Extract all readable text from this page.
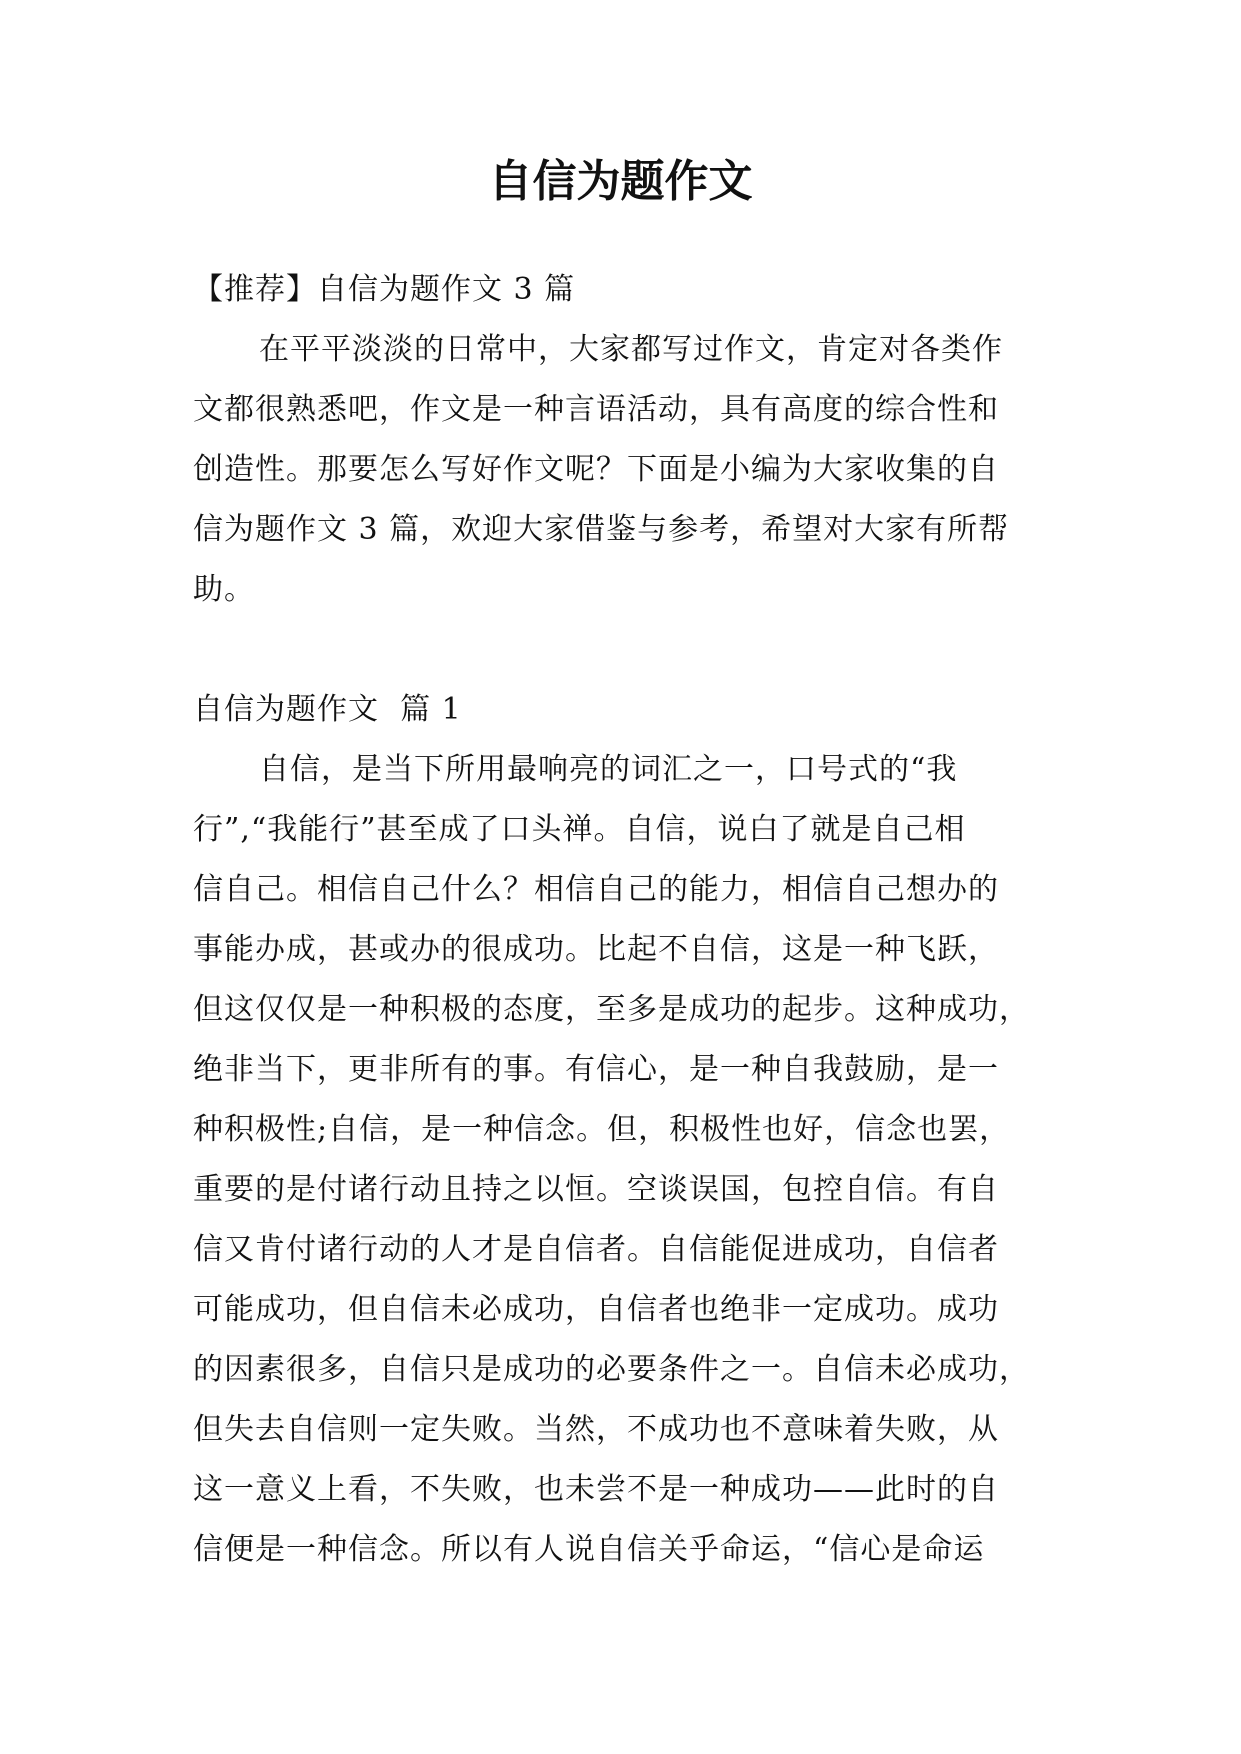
自信为题作文
【推荐】自信为题作文 3 篇
在平平淡淡的日常中，大家都写过作文，肯定对各类作
文都很熟悉吧，作文是一种言语活动，具有高度的综合性和
创造性。那要怎么写好作文呢？下面是小编为大家收集的自
信为题作文 3 篇，欢迎大家借鉴与参考，希望对大家有所帮
助。
自信为题作文  篇 1
自信，是当下所用最响亮的词汇之一，口号式的“我
行”,“我能行”甚至成了口头禅。自信，说白了就是自己相
信自己。相信自己什么？相信自己的能力，相信自己想办的
事能办成，甚或办的很成功。比起不自信，这是一种飞跃，
但这仅仅是一种积极的态度，至多是成功的起步。这种成功，
绝非当下，更非所有的事。有信心，是一种自我鼓励，是一
种积极性;自信，是一种信念。但，积极性也好，信念也罢，
重要的是付诸行动且持之以恒。空谈误国，包控自信。有自
信又肯付诸行动的人才是自信者。自信能促进成功，自信者
可能成功，但自信未必成功，自信者也绝非一定成功。成功
的因素很多，自信只是成功的必要条件之一。自信未必成功，
但失去自信则一定失败。当然，不成功也不意味着失败，从
这一意义上看，不失败，也未尝不是一种成功——此时的自
信便是一种信念。所以有人说自信关乎命运，“信心是命运
